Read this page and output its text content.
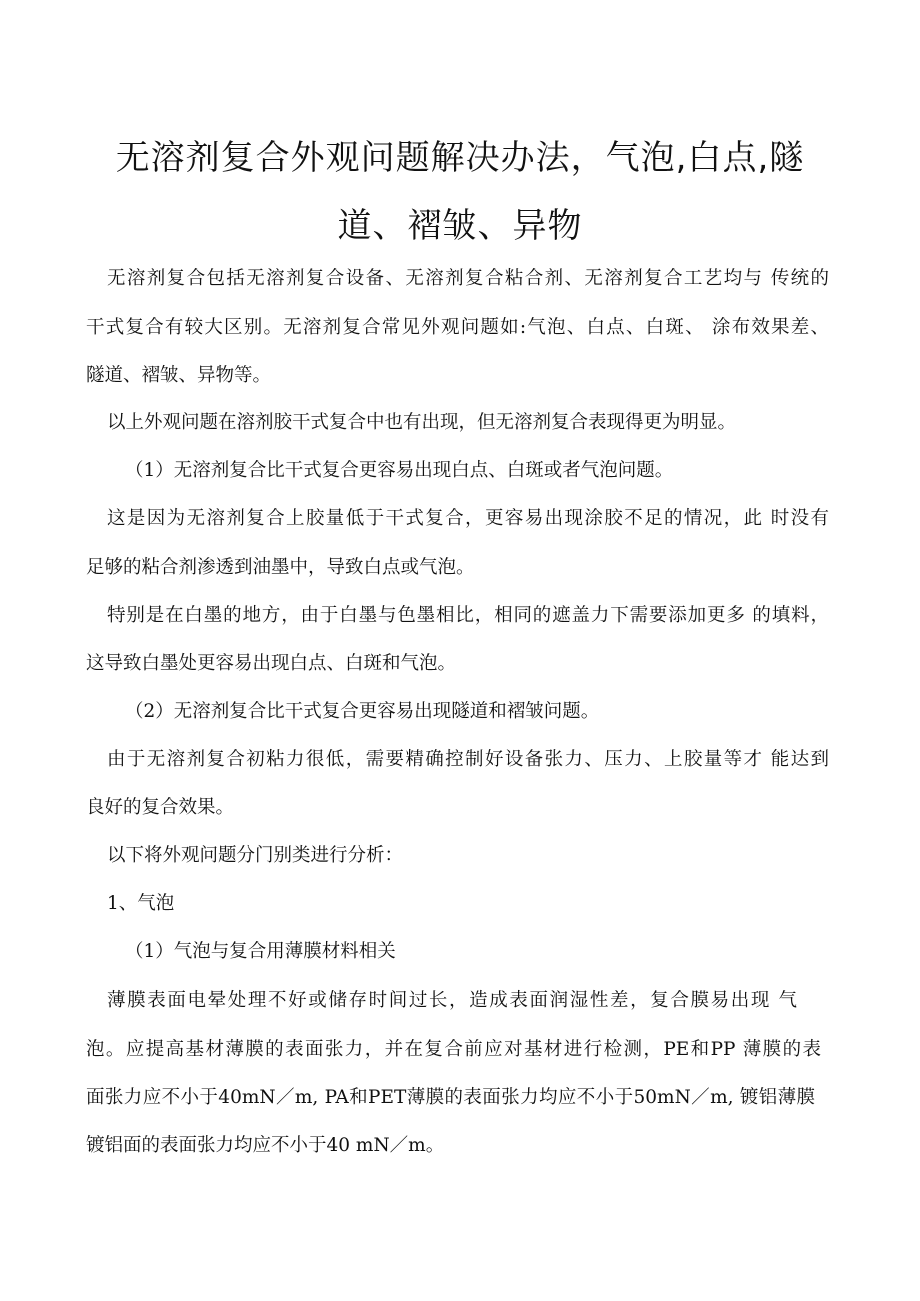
无溶剂复合外观问题解决办法，气泡,白点,隧
道、褶皱、异物
无溶剂复合包括无溶剂复合设备、无溶剂复合粘合剂、无溶剂复合工艺均与 传统的
干式复合有较大区别。无溶剂复合常见外观问题如:气泡、白点、白斑、 涂布效果差、
隧道、褶皱、异物等。
以上外观问题在溶剂胶干式复合中也有出现，但无溶剂复合表现得更为明显。
（1）无溶剂复合比干式复合更容易出现白点、白斑或者气泡问题。
这是因为无溶剂复合上胶量低于干式复合，更容易出现涂胶不足的情况，此 时没有
足够的粘合剂渗透到油墨中，导致白点或气泡。
特别是在白墨的地方，由于白墨与色墨相比，相同的遮盖力下需要添加更多 的填料，
这导致白墨处更容易出现白点、白斑和气泡。
（2）无溶剂复合比干式复合更容易出现隧道和褶皱问题。
由于无溶剂复合初粘力很低，需要精确控制好设备张力、压力、上胶量等才 能达到
良好的复合效果。
以下将外观问题分门别类进行分析：
1、气泡
（1）气泡与复合用薄膜材料相关
薄膜表面电晕处理不好或储存时间过长，造成表面润湿性差，复合膜易出现 气
泡。应提高基材薄膜的表面张力，并在复合前应对基材进行检测，PE和PP 薄膜的表
面张力应不小于40mN／m, PA和PET薄膜的表面张力均应不小于50mN／m, 镀铝薄膜
镀铝面的表面张力均应不小于40 mN／m。
